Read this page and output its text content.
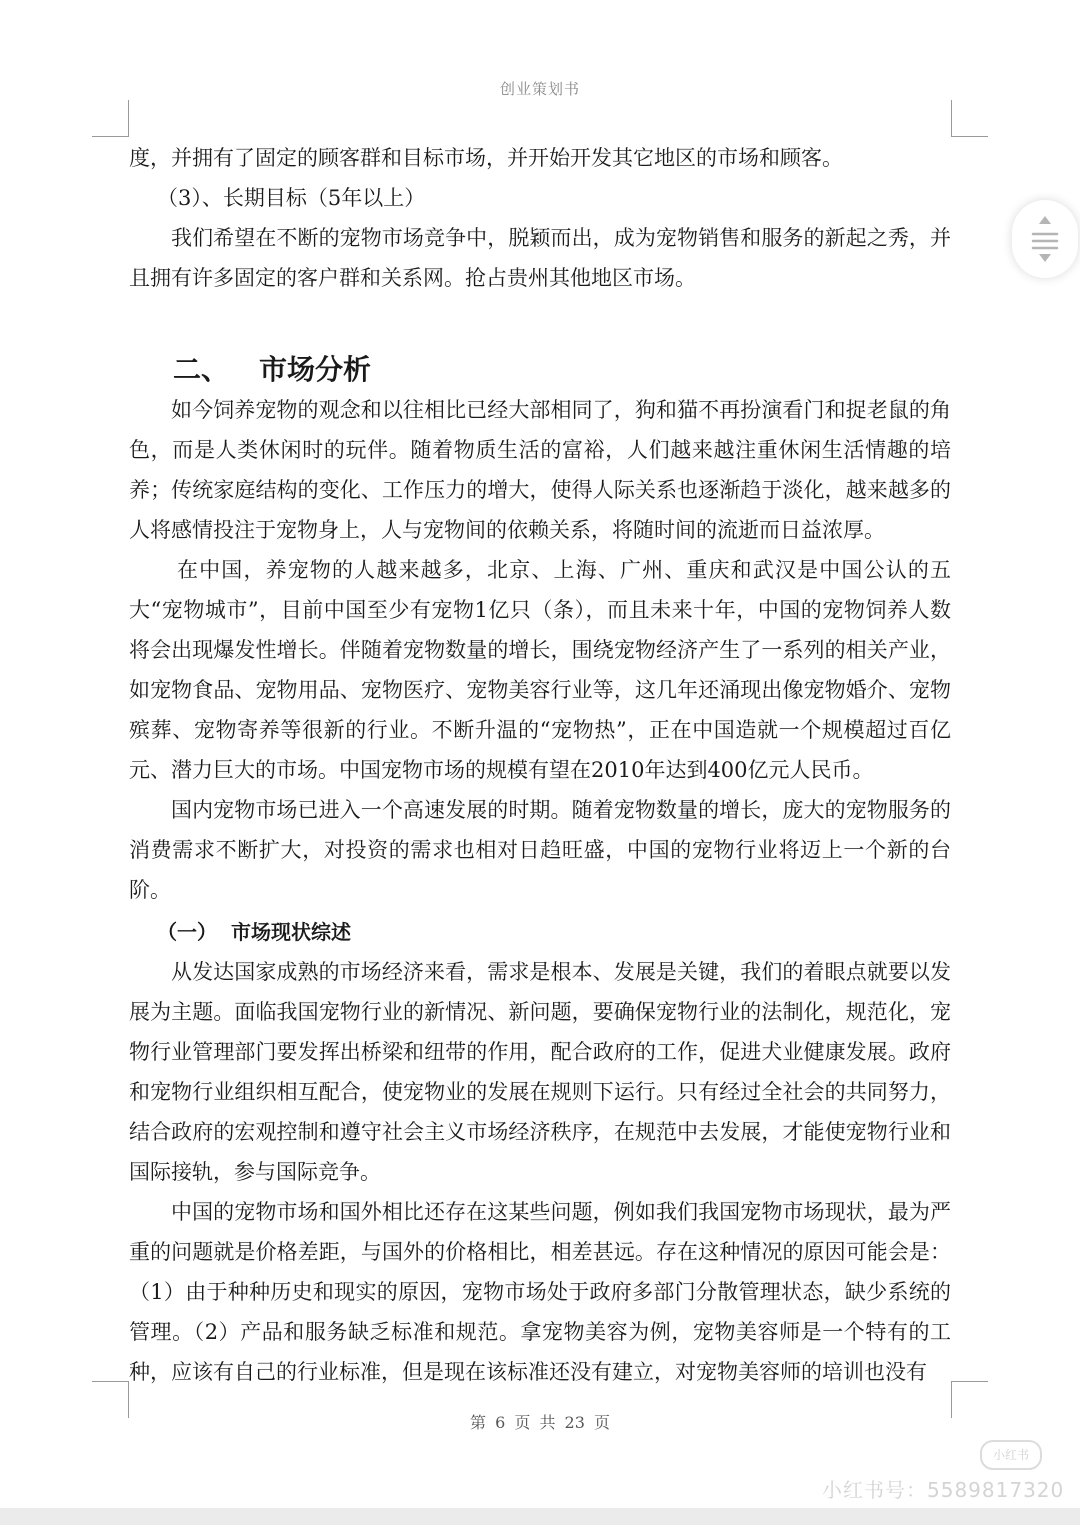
创业策划书

度，并拥有了固定的顾客群和目标市场，并开始开发其它地区的市场和顾客。

（3）、长期目标（5年以上）

我们希望在不断的宠物市场竞争中，脱颖而出，成为宠物销售和服务的新起之秀，并且拥有许多固定的客户群和关系网。抢占贵州其他地区市场。

二、 市场分析

如今饲养宠物的观念和以往相比已经大部相同了，狗和猫不再扮演看门和捉老鼠的角色，而是人类休闲时的玩伴。随着物质生活的富裕，人们越来越注重休闲生活情趣的培养；传统家庭结构的变化、工作压力的增大，使得人际关系也逐渐趋于淡化，越来越多的人将感情投注于宠物身上，人与宠物间的依赖关系，将随时间的流逝而日益浓厚。

在中国，养宠物的人越来越多，北京、上海、广州、重庆和武汉是中国公认的五大“宠物城市”，目前中国至少有宠物1亿只（条），而且未来十年，中国的宠物饲养人数将会出现爆发性增长。伴随着宠物数量的增长，围绕宠物经济产生了一系列的相关产业，如宠物食品、宠物用品、宠物医疗、宠物美容行业等，这几年还涌现出像宠物婚介、宠物殡葬、宠物寄养等很新的行业。不断升温的“宠物热”，正在中国造就一个规模超过百亿元、潜力巨大的市场。中国宠物市场的规模有望在2010年达到400亿元人民币。

国内宠物市场已进入一个高速发展的时期。随着宠物数量的增长，庞大的宠物服务的消费需求不断扩大，对投资的需求也相对日趋旺盛，中国的宠物行业将迈上一个新的台阶。

（一） 市场现状综述

从发达国家成熟的市场经济来看，需求是根本、发展是关键，我们的着眼点就要以发展为主题。面临我国宠物行业的新情况、新问题，要确保宠物行业的法制化，规范化，宠物行业管理部门要发挥出桥梁和纽带的作用，配合政府的工作，促进犬业健康发展。政府和宠物行业组织相互配合，使宠物业的发展在规则下运行。只有经过全社会的共同努力，结合政府的宏观控制和遵守社会主义市场经济秩序，在规范中去发展，才能使宠物行业和国际接轨，参与国际竞争。

中国的宠物市场和国外相比还存在这某些问题，例如我们我国宠物市场现状，最为严重的问题就是价格差距，与国外的价格相比，相差甚远。存在这种情况的原因可能会是：（1）由于种种历史和现实的原因，宠物市场处于政府多部门分散管理状态，缺少系统的管理。（2）产品和服务缺乏标准和规范。拿宠物美容为例，宠物美容师是一个特有的工种，应该有自己的行业标准，但是现在该标准还没有建立，对宠物美容师的培训也没有

第 6 页 共 23 页
小红书
小红书号：5589817320
